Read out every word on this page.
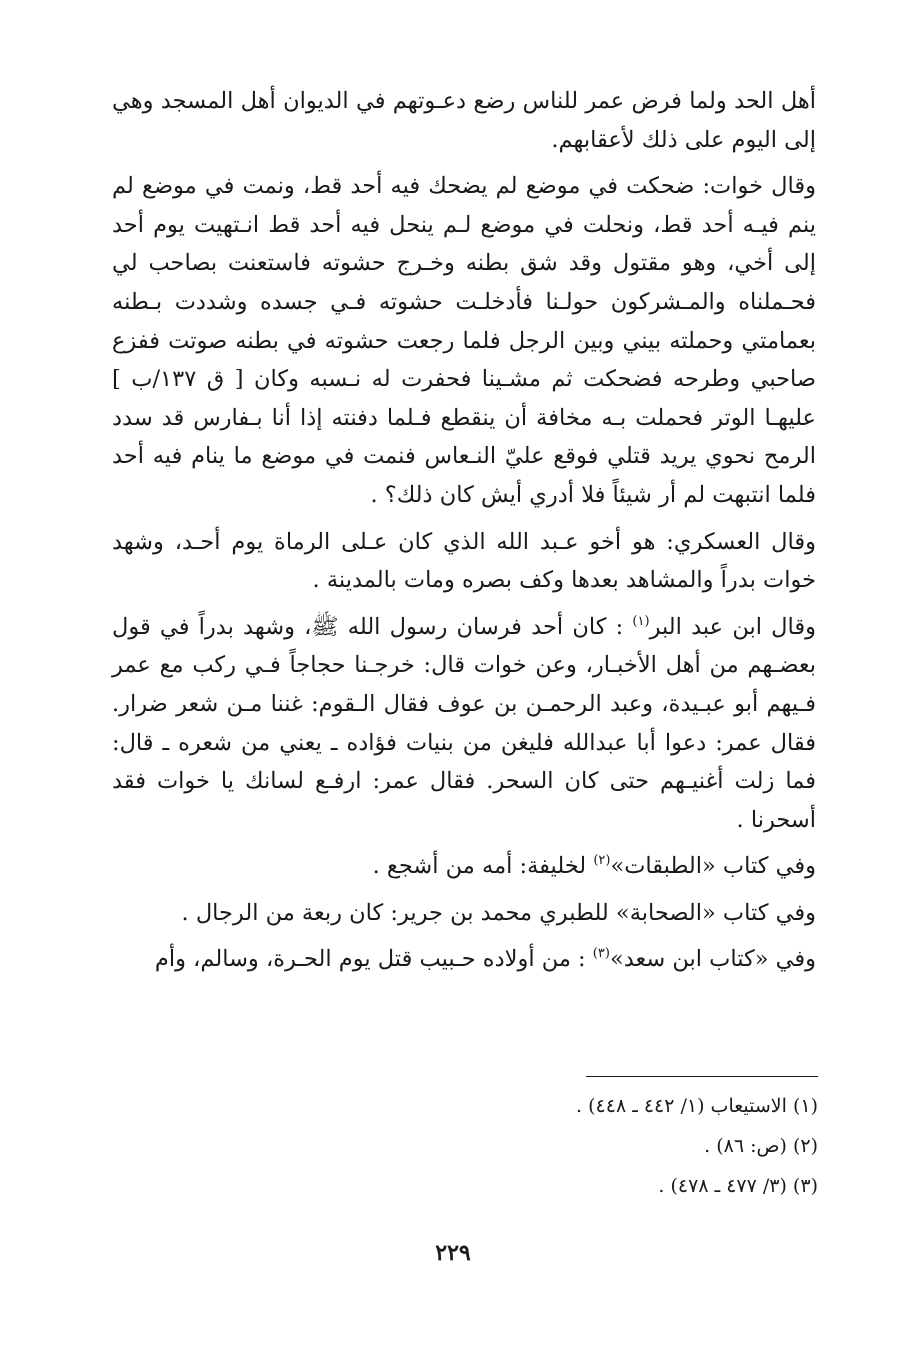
أهل الحد ولما فرض عمر للناس رضع دعـوتهم في الديوان أهل المسجد وهي إلى اليوم على ذلك لأعقابهم.

وقال خوات: ضحكت في موضع لم يضحك فيه أحد قط، ونمت في موضع لم ينم فيـه أحد قط، ونحلت في موضع لـم ينحل فيه أحد قط انـتهيت يوم أحد إلى أخي، وهو مقتول وقد شق بطنه وخـرج حشوته فاستعنت بصاحب لي فحـملناه والمـشركون حولـنا فأدخلـت حشوته فـي جسده وشددت بـطنه بعمامتي وحملته بيني وبين الرجل فلما رجعت حشوته في بطنه صوتت ففزع صاحبي وطرحه فضحكت ثم مشـينا فحفرت له نـسبه وكان [ ق ١٣٧/ب ] عليهـا الوتر فحملت بـه مخافة أن ينقطع فـلما دفنته إذا أنا بـفارس قد سدد الرمح نحوي يريد قتلي فوقع عليّ النـعاس فنمت في موضع ما ينام فيه أحد فلما انتبهت لم أر شيئاً فلا أدري أيش كان ذلك؟ .

وقال العسكري: هو أخو عـبد الله الذي كان عـلى الرماة يوم أحـد، وشهد خوات بدراً والمشاهد بعدها وكف بصره ومات بالمدينة .

وقال ابن عبد البر$^{(١)}$ : كان أحد فرسان رسول الله ﷺ، وشهد بدراً في قول بعضـهم من أهل الأخبـار، وعن خوات قال: خرجـنا حجاجاً فـي ركب مع عمر فـيهم أبو عبـيدة، وعبد الرحمـن بن عوف فقال الـقوم: غننا مـن شعر ضرار. فقال عمر: دعوا أبا عبدالله فليغن من بنيات فؤاده ـ يعني من شعره ـ قال: فما زلت أغنيـهم حتى كان السحر. فقال عمر: ارفـع لسانك يا خوات فقد أسحرنا .

وفي كتاب «الطبقات»$^{(٢)}$ لخليفة: أمه من أشجع .

وفي كتاب «الصحابة» للطبري محمد بن جرير: كان ربعة من الرجال .

وفي «كتاب ابن سعد»$^{(٣)}$ : من أولاده حـبيب قتل يوم الحـرة، وسالم، وأم

(١) الاستيعاب (١/ ٤٤٢ ـ ٤٤٨) .
(٢) (ص: ٨٦) .
(٣) (٣/ ٤٧٧ ـ ٤٧٨) .
٢٢٩
